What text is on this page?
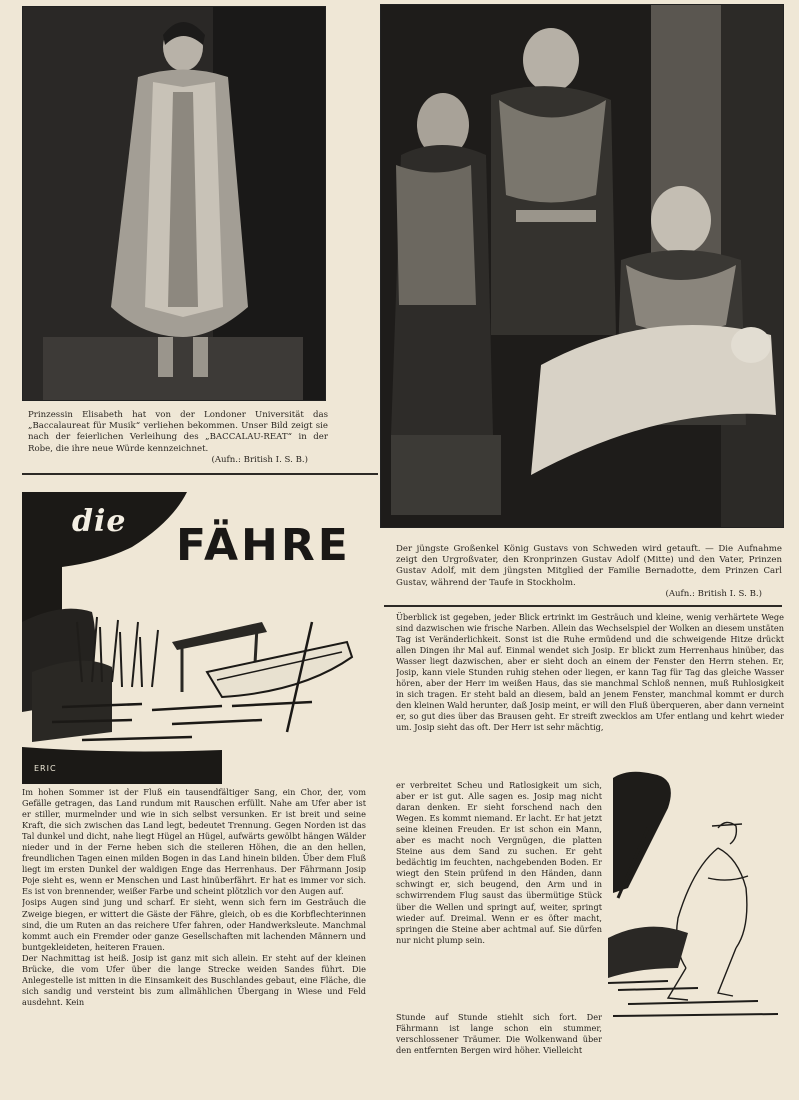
Prinzessin Elisabeth hat von der Londoner Universität das „Baccalaureat für Musik“ verliehen bekommen. Unser Bild zeigt sie nach der feierlichen Verleihung des „BACCALAU-REAT“ in der Robe, die ihre neue Würde kennzeichnet.
(Aufn.: British I. S. B.)
Der jüngste Großenkel König Gustavs von Schweden wird getauft. — Die Aufnahme zeigt den Urgroßvater, den Kronprinzen Gustav Adolf (Mitte) und den Vater, Prinzen Gustav Adolf, mit dem jüngsten Mitglied der Familie Bernadotte, dem Prinzen Carl Gustav, während der Taufe in Stockholm.
(Aufn.: British I. S. B.)
die FÄHRE
ERIC

Im hohen Sommer ist der Fluß ein tausendfältiger Sang, ein Chor, der, vom Gefälle getragen, das Land rundum mit Rauschen erfüllt. Nahe am Ufer aber ist er stiller, murmelnder und wie in sich selbst versunken. Er ist breit und seine Kraft, die sich zwischen das Land legt, bedeutet Trennung. Gegen Norden ist das Tal dunkel und dicht, nahe liegt Hügel an Hügel, aufwärts gewölbt hängen Wälder nieder und in der Ferne heben sich die steileren Höhen, die an den hellen, freundlichen Tagen einen milden Bogen in das Land hinein bilden. Über dem Fluß liegt im ersten Dunkel der waldigen Enge das Herrenhaus. Der Fährmann Josip Poje sieht es, wenn er Menschen und Last hinüberfährt. Er hat es immer vor sich. Es ist von brennender, weißer Farbe und scheint plötzlich vor den Augen auf.

Josips Augen sind jung und scharf. Er sieht, wenn sich fern im Gesträuch die Zweige biegen, er wittert die Gäste der Fähre, gleich, ob es die Korbflechterinnen sind, die um Ruten an das reichere Ufer fahren, oder Handwerksleute. Manchmal kommt auch ein Fremder oder ganze Gesellschaften mit lachenden Männern und buntgekleideten, heiteren Frauen.

Der Nachmittag ist heiß. Josip ist ganz mit sich allein. Er steht auf der kleinen Brücke, die vom Ufer über die lange Strecke weiden Sandes führt. Die Anlegestelle ist mitten in die Einsamkeit des Buschlandes gebaut, eine Fläche, die sich sandig und versteint bis zum allmählichen Übergang in Wiese und Feld ausdehnt. Kein

Überblick ist gegeben, jeder Blick ertrinkt im Gesträuch und kleine, wenig verhärtete Wege sind dazwischen wie frische Narben. Allein das Wechselspiel der Wolken an diesem unstäten Tag ist Veränderlichkeit. Sonst ist die Ruhe ermüdend und die schweigende Hitze drückt allen Dingen ihr Mal auf. Einmal wendet sich Josip. Er blickt zum Herrenhaus hinüber, das Wasser liegt dazwischen, aber er sieht doch an einem der Fenster den Herrn stehen. Er, Josip, kann viele Stunden ruhig stehen oder liegen, er kann Tag für Tag das gleiche Wasser hören, aber der Herr im weißen Haus, das sie manchmal Schloß nennen, muß Ruhlosigkeit in sich tragen. Er steht bald an diesem, bald an jenem Fenster, manchmal kommt er durch den kleinen Wald herunter, daß Josip meint, er will den Fluß überqueren, aber dann verneint er, so gut dies über das Brausen geht. Er streift zwecklos am Ufer entlang und kehrt wieder um. Josip sieht das oft. Der Herr ist sehr mächtig,

er verbreitet Scheu und Ratlosigkeit um sich, aber er ist gut. Alle sagen es. Josip mag nicht daran denken. Er sieht forschend nach den Wegen. Es kommt niemand. Er lacht. Er hat jetzt seine kleinen Freuden. Er ist schon ein Mann, aber es macht noch Vergnügen, die platten Steine aus dem Sand zu suchen. Er geht bedächtig im feuchten, nachgebenden Boden. Er wiegt den Stein prüfend in den Händen, dann schwingt er, sich beugend, den Arm und in schwirrendem Flug saust das übermütige Stück über die Wellen und springt auf, weiter, springt wieder auf. Dreimal. Wenn er es öfter macht, springen die Steine aber achtmal auf. Sie dürfen nur nicht plump sein.

Stunde auf Stunde stiehlt sich fort. Der Fährmann ist lange schon ein stummer, verschlossener Träumer. Die Wolkenwand über den entfernten Bergen wird höher. Vielleicht
